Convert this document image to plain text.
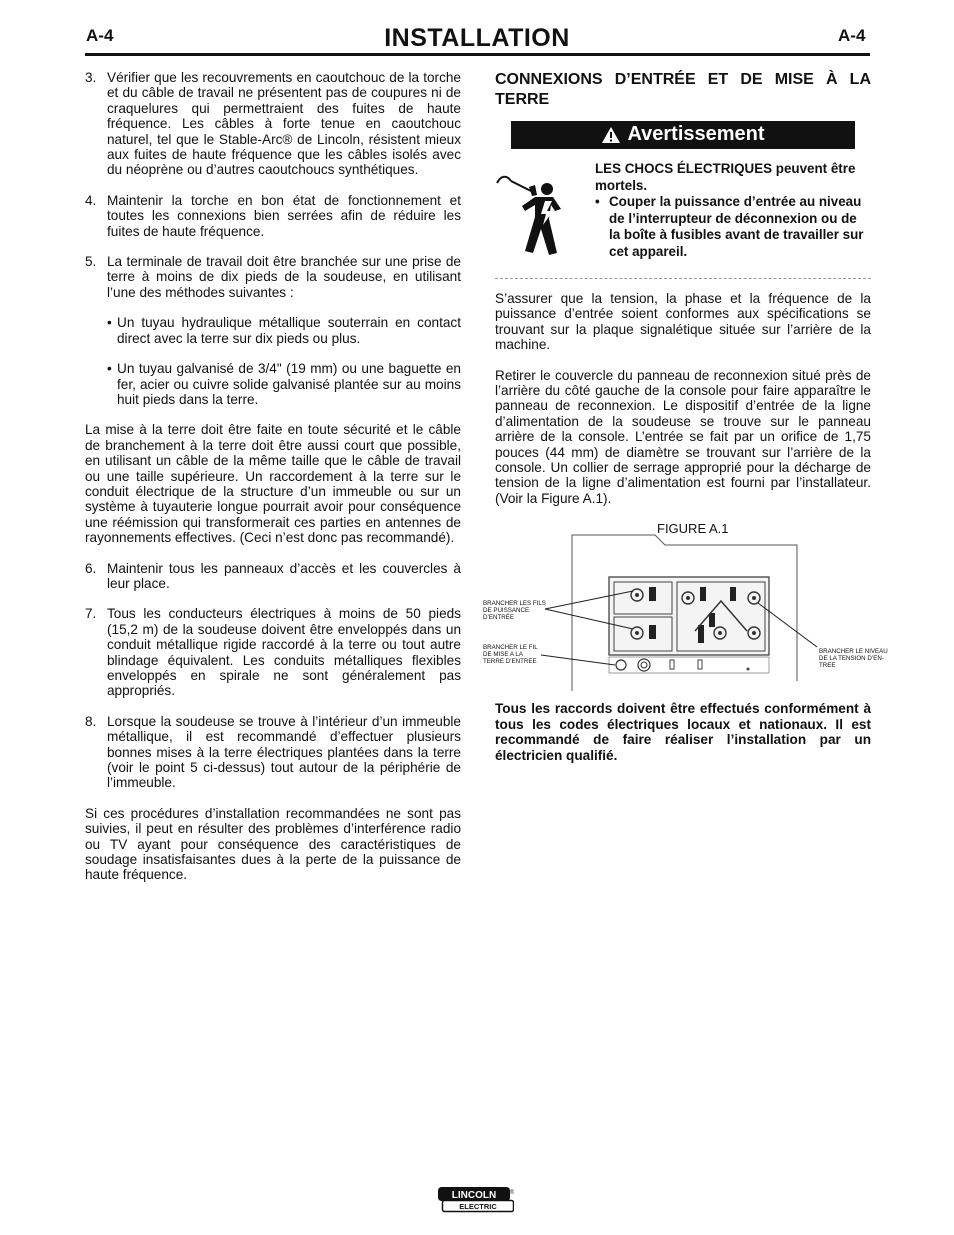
A-4	INSTALLATION	A-4
3. Vérifier que les recouvrements en caoutchouc de la torche et du câble de travail ne présentent pas de coupures ni de craquelures qui permettraient des fuites de haute fréquence. Les câbles à forte tenue en caoutchouc naturel, tel que le Stable-Arc® de Lincoln, résistent mieux aux fuites de haute fréquence que les câbles isolés avec du néoprène ou d’autres caoutchoucs synthétiques.
4. Maintenir la torche en bon état de fonctionnement et toutes les connexions bien serrées afin de réduire les fuites de haute fréquence.
5. La terminale de travail doit être branchée sur une prise de terre à moins de dix pieds de la soudeuse, en utilisant l’une des méthodes suivantes :
• Un tuyau hydraulique métallique souterrain en contact direct avec la terre sur dix pieds ou plus.
• Un tuyau galvanisé de 3/4" (19 mm) ou une baguette en fer, acier ou cuivre solide galvanisé plantée sur au moins huit pieds dans la terre.

La mise à la terre doit être faite en toute sécurité et le câble de branchement à la terre doit être aussi court que possible, en utilisant un câble de la même taille que le câble de travail ou une taille supérieure. Un raccordement à la terre sur le conduit électrique de la structure d’un immeuble ou sur un système à tuyauterie longue pourrait avoir pour conséquence une réémission qui transformerait ces parties en antennes de rayonnements effectives. (Ceci n’est donc pas recommandé).

6. Maintenir tous les panneaux d’accès et les couvercles à leur place.
7. Tous les conducteurs électriques à moins de 50 pieds (15,2 m) de la soudeuse doivent être enveloppés dans un conduit métallique rigide raccordé à la terre ou tout autre blindage équivalent. Les conduits métalliques flexibles enveloppés en spirale ne sont généralement pas appropriés.
8. Lorsque la soudeuse se trouve à l’intérieur d’un immeuble métallique, il est recommandé d’effectuer plusieurs bonnes mises à la terre électriques plantées dans la terre (voir le point 5 ci-dessus) tout autour de la périphérie de l’immeuble.

Si ces procédures d’installation recommandées ne sont pas suivies, il peut en résulter des problèmes d’interférence radio ou TV ayant pour conséquence des caractéristiques de soudage insatisfaisantes dues à la perte de la puissance de haute fréquence.

CONNEXIONS D’ENTRÉE ET DE MISE À LA TERRE
Avertissement
LES CHOCS ÉLECTRIQUES peuvent être mortels.
• Couper la puissance d’entrée au niveau de l’interrupteur de déconnexion ou de la boîte à fusibles avant de travailler sur cet appareil.

S’assurer que la tension, la phase et la fréquence de la puissance d’entrée soient conformes aux spécifications se trouvant sur la plaque signalétique située sur l’arrière de la machine.

Retirer le couvercle du panneau de reconnexion situé près de l’arrière du côté gauche de la console pour faire apparaître le panneau de reconnexion. Le dispositif d’entrée de la ligne d’alimentation de la soudeuse se trouve sur le panneau arrière de la console. L’entrée se fait par un orifice de 1,75 pouces (44 mm) de diamètre se trouvant sur l’arrière de la console. Un collier de serrage approprié pour la décharge de tension de la ligne d’alimentation est fourni par l’installateur. (Voir la Figure A.1).

FIGURE A.1
BRANCHER LES FILS DE PUISSANCE D’ENTRÉE
BRANCHER LE FIL DE MISE A LA TERRE D’ENTREE
BRANCHER LE NIVEAU DE LA TENSION D’EN-TREE

Tous les raccords doivent être effectués conformément à tous les codes électriques locaux et nationaux. Il est recommandé de faire réaliser l’installation par un électricien qualifié.

LINCOLN
ELECTRIC
®
